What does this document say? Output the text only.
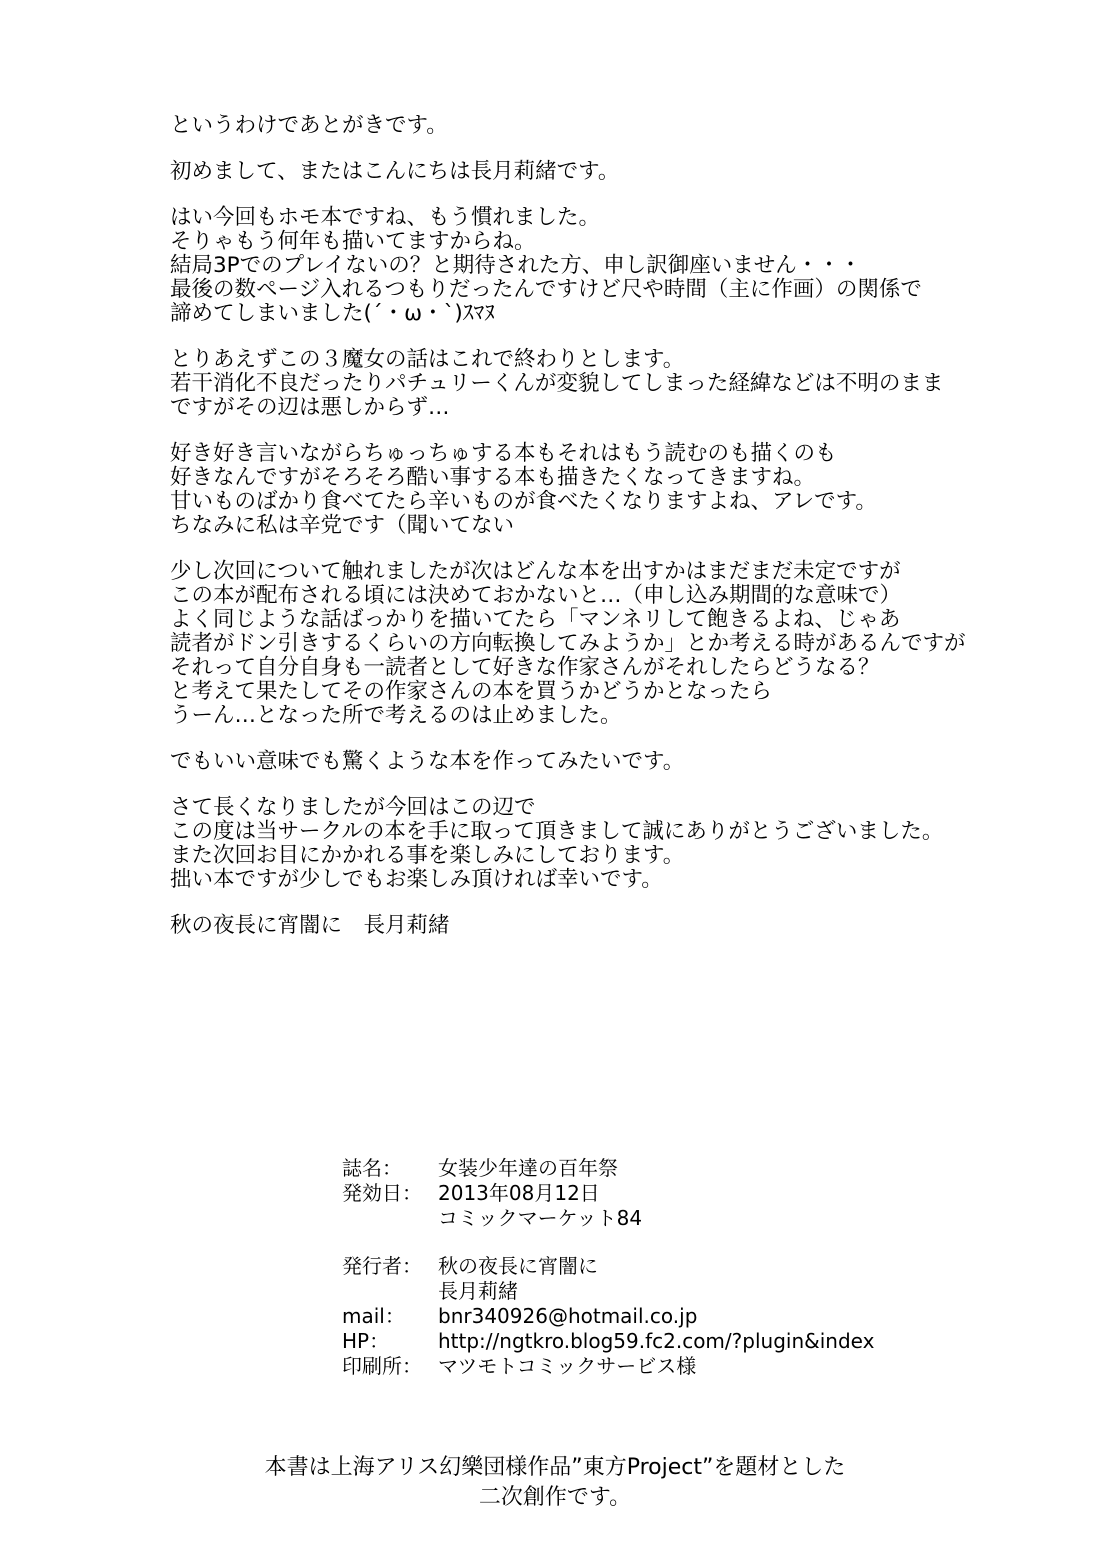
というわけであとがきです。
初めまして、またはこんにちは長月莉緒です。
はい今回もホモ本ですね、もう慣れました。
そりゃもう何年も描いてますからね。
結局3Pでのプレイないの？と期待された方、申し訳御座いません・・・
最後の数ページ入れるつもりだったんですけど尺や時間（主に作画）の関係で
諦めてしまいました(´・ω・`)ｽﾏﾇ
とりあえずこの３魔女の話はこれで終わりとします。
若干消化不良だったりパチュリーくんが変貌してしまった経緯などは不明のまま
ですがその辺は悪しからず…
好き好き言いながらちゅっちゅする本もそれはもう読むのも描くのも
好きなんですがそろそろ酷い事する本も描きたくなってきますね。
甘いものばかり食べてたら辛いものが食べたくなりますよね、アレです。
ちなみに私は辛党です（聞いてない
少し次回について触れましたが次はどんな本を出すかはまだまだ未定ですが
この本が配布される頃には決めておかないと…（申し込み期間的な意味で）
よく同じような話ばっかりを描いてたら「マンネリして飽きるよね、じゃあ
読者がドン引きするくらいの方向転換してみようか」とか考える時があるんですが
それって自分自身も一読者として好きな作家さんがそれしたらどうなる？
と考えて果たしてその作家さんの本を買うかどうかとなったら
うーん…となった所で考えるのは止めました。
でもいい意味でも驚くような本を作ってみたいです。
さて長くなりましたが今回はこの辺で
この度は当サークルの本を手に取って頂きまして誠にありがとうございました。
また次回お目にかかれる事を楽しみにしております。
拙い本ですが少しでもお楽しみ頂ければ幸いです。
秋の夜長に宵闇に　長月莉緒
誌名：	女装少年達の百年祭
発効日： 2013年08月12日
コミックマーケット84
発行者： 秋の夜長に宵闇に
長月莉緒
mail：	bnr340926@hotmail.co.jp
HP：	http://ngtkro.blog59.fc2.com/?plugin&index
印刷所： マツモトコミックサービス様
本書は上海アリス幻樂団様作品”東方Project”を題材とした
二次創作です。
